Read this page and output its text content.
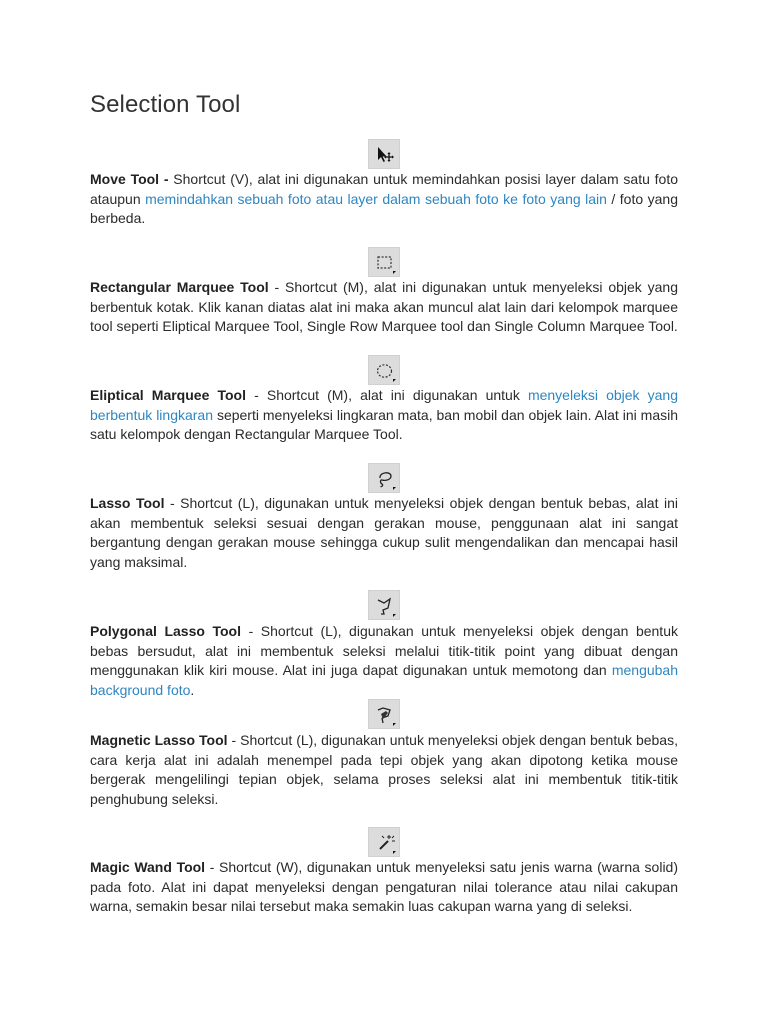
Selection Tool

Move Tool - Shortcut (V), alat ini digunakan untuk memindahkan posisi layer dalam satu foto ataupun memindahkan sebuah foto atau layer dalam sebuah foto ke foto yang lain / foto yang berbeda.

Rectangular Marquee Tool - Shortcut (M), alat ini digunakan untuk menyeleksi objek yang berbentuk kotak. Klik kanan diatas alat ini maka akan muncul alat lain dari kelompok marquee tool seperti Eliptical Marquee Tool, Single Row Marquee tool dan Single Column Marquee Tool.

Eliptical Marquee Tool - Shortcut (M), alat ini digunakan untuk menyeleksi objek yang berbentuk lingkaran seperti menyeleksi lingkaran mata, ban mobil dan objek lain. Alat ini masih satu kelompok dengan Rectangular Marquee Tool.

Lasso Tool - Shortcut (L), digunakan untuk menyeleksi objek dengan bentuk bebas, alat ini akan membentuk seleksi sesuai dengan gerakan mouse, penggunaan alat ini sangat bergantung dengan gerakan mouse sehingga cukup sulit mengendalikan dan mencapai hasil yang maksimal.

Polygonal Lasso Tool - Shortcut (L), digunakan untuk menyeleksi objek dengan bentuk bebas bersudut, alat ini membentuk seleksi melalui titik-titik point yang dibuat dengan menggunakan klik kiri mouse. Alat ini juga dapat digunakan untuk memotong dan mengubah background foto.

Magnetic Lasso Tool - Shortcut (L), digunakan untuk menyeleksi objek dengan bentuk bebas, cara kerja alat ini adalah menempel pada tepi objek yang akan dipotong ketika mouse bergerak mengelilingi tepian objek, selama proses seleksi alat ini membentuk titik-titik penghubung seleksi.

Magic Wand Tool - Shortcut (W), digunakan untuk menyeleksi satu jenis warna (warna solid) pada foto. Alat ini dapat menyeleksi dengan pengaturan nilai tolerance atau nilai cakupan warna, semakin besar nilai tersebut maka semakin luas cakupan warna yang di seleksi.
